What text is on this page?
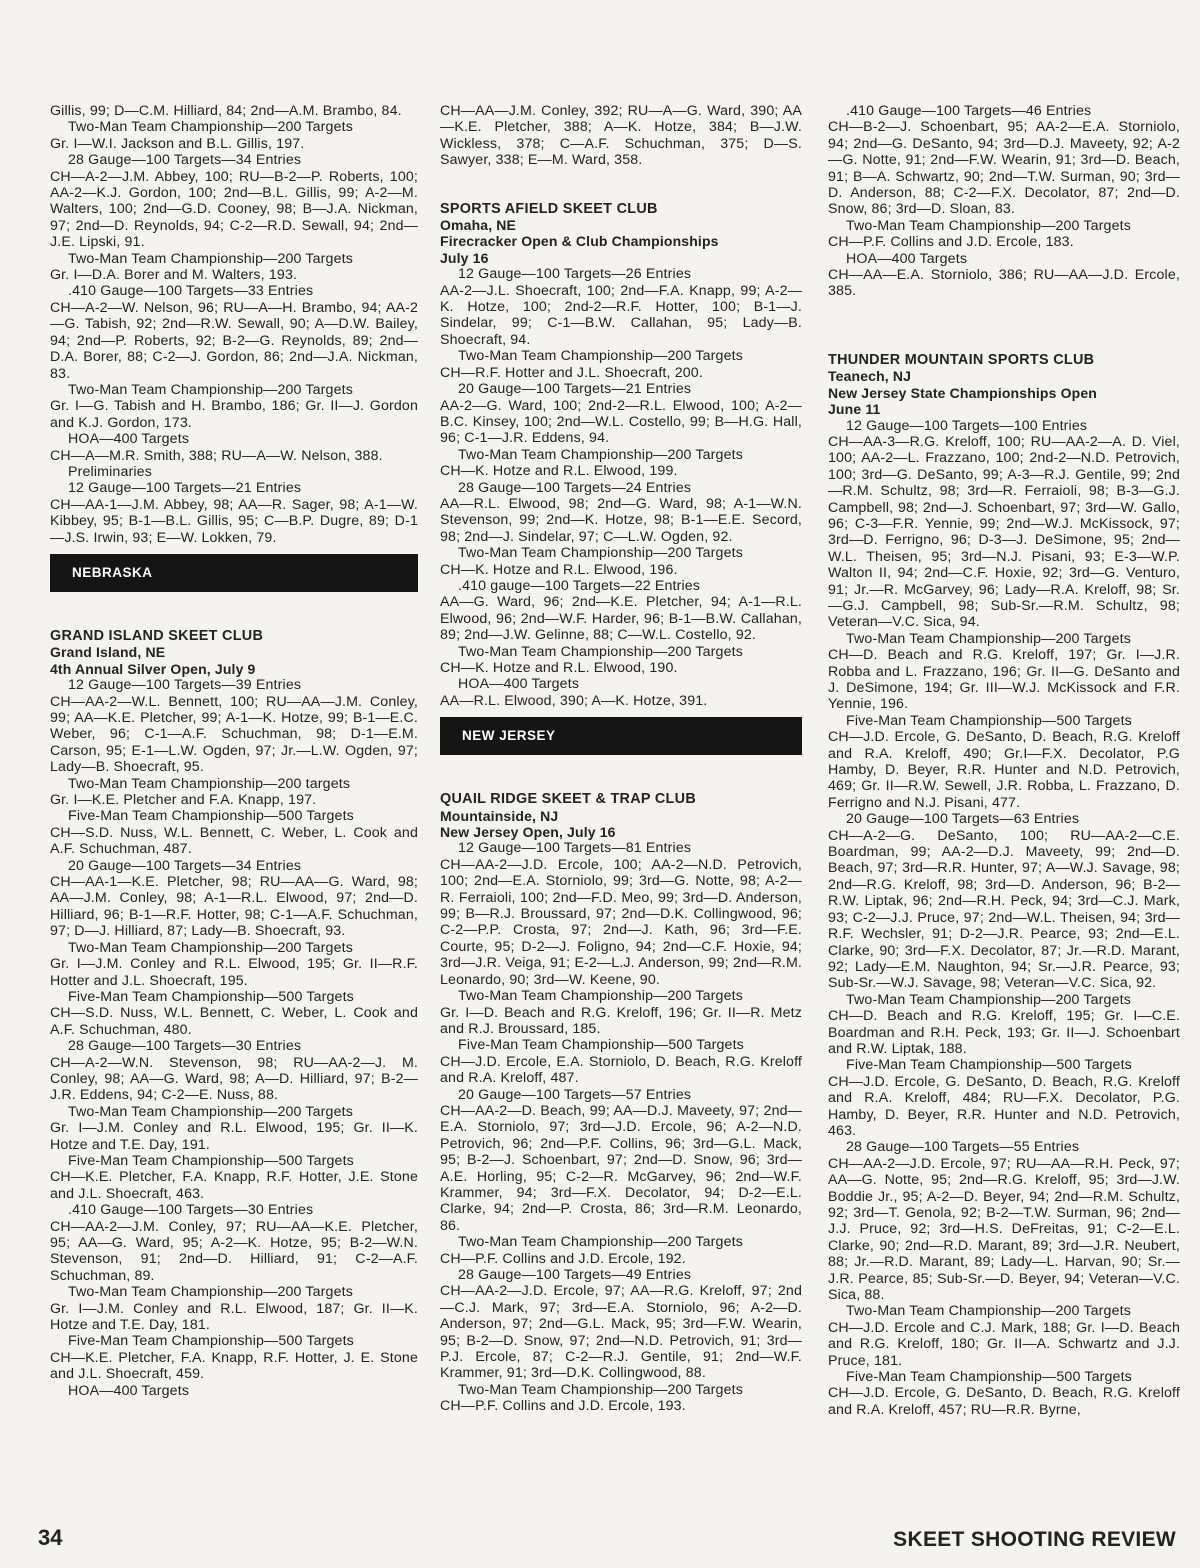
Gillis, 99; D—C.M. Hilliard, 84; 2nd—A.M. Brambo, 84.
Two-Man Team Championship—200 Targets
Gr. I—W.I. Jackson and B.L. Gillis, 197.
28 Gauge—100 Targets—34 Entries
CH—A-2—J.M. Abbey, 100; RU—B-2—P. Roberts, 100; AA-2—K.J. Gordon, 100; 2nd—B.L. Gillis, 99; A-2—M. Walters, 100; 2nd—G.D. Cooney, 98; B—J.A. Nickman, 97; 2nd—D. Reynolds, 94; C-2—R.D. Sewall, 94; 2nd—J.E. Lipski, 91.
Two-Man Team Championship—200 Targets
Gr. I—D.A. Borer and M. Walters, 193.
.410 Gauge—100 Targets—33 Entries
CH—A-2—W. Nelson, 96; RU—A—H. Brambo, 94; AA-2—G. Tabish, 92; 2nd—R.W. Sewall, 90; A—D.W. Bailey, 94; 2nd—P. Roberts, 92; B-2—G. Reynolds, 89; 2nd—D.A. Borer, 88; C-2—J. Gordon, 86; 2nd—J.A. Nickman, 83.
Two-Man Team Championship—200 Targets
Gr. I—G. Tabish and H. Brambo, 186; Gr. II—J. Gordon and K.J. Gordon, 173.
HOA—400 Targets
CH—A—M.R. Smith, 388; RU—A—W. Nelson, 388.
Preliminaries
12 Gauge—100 Targets—21 Entries
CH—AA-1—J.M. Abbey, 98; AA—R. Sager, 98; A-1—W. Kibbey, 95; B-1—B.L. Gillis, 95; C—B.P. Dugre, 89; D-1—J.S. Irwin, 93; E—W. Lokken, 79.
NEBRASKA
GRAND ISLAND SKEET CLUB
Grand Island, NE
4th Annual Silver Open, July 9
12 Gauge—100 Targets—39 Entries
CH—AA-2—W.L. Bennett, 100; RU—AA—J.M. Conley, 99; AA—K.E. Pletcher, 99; A-1—K. Hotze, 99; B-1—E.C. Weber, 96; C-1—A.F. Schuchman, 98; D-1—E.M. Carson, 95; E-1—L.W. Ogden, 97; Jr.—L.W. Ogden, 97; Lady—B. Shoecraft, 95.
Two-Man Team Championship—200 targets
Gr. I—K.E. Pletcher and F.A. Knapp, 197.
Five-Man Team Championship—500 Targets
CH—S.D. Nuss, W.L. Bennett, C. Weber, L. Cook and A.F. Schuchman, 487.
20 Gauge—100 Targets—34 Entries
CH—AA-1—K.E. Pletcher, 98; RU—AA—G. Ward, 98; AA—J.M. Conley, 98; A-1—R.L. Elwood, 97; 2nd—D. Hilliard, 96; B-1—R.F. Hotter, 98; C-1—A.F. Schuchman, 97; D—J. Hilliard, 87; Lady—B. Shoecraft, 93.
Two-Man Team Championship—200 Targets
Gr. I—J.M. Conley and R.L. Elwood, 195; Gr. II—R.F. Hotter and J.L. Shoecraft, 195.
Five-Man Team Championship—500 Targets
CH—S.D. Nuss, W.L. Bennett, C. Weber, L. Cook and A.F. Schuchman, 480.
28 Gauge—100 Targets—30 Entries
CH—A-2—W.N. Stevenson, 98; RU—AA-2—J. M. Conley, 98; AA—G. Ward, 98; A—D. Hilliard, 97; B-2—J.R. Eddens, 94; C-2—E. Nuss, 88.
Two-Man Team Championship—200 Targets
Gr. I—J.M. Conley and R.L. Elwood, 195; Gr. II—K. Hotze and T.E. Day, 191.
Five-Man Team Championship—500 Targets
CH—K.E. Pletcher, F.A. Knapp, R.F. Hotter, J.E. Stone and J.L. Shoecraft, 463.
.410 Gauge—100 Targets—30 Entries
CH—AA-2—J.M. Conley, 97; RU—AA—K.E. Pletcher, 95; AA—G. Ward, 95; A-2—K. Hotze, 95; B-2—W.N. Stevenson, 91; 2nd—D. Hilliard, 91; C-2—A.F. Schuchman, 89.
Two-Man Team Championship—200 Targets
Gr. I—J.M. Conley and R.L. Elwood, 187; Gr. II—K. Hotze and T.E. Day, 181.
Five-Man Team Championship—500 Targets
CH—K.E. Pletcher, F.A. Knapp, R.F. Hotter, J. E. Stone and J.L. Shoecraft, 459.
HOA—400 Targets
CH—AA—J.M. Conley, 392; RU—A—G. Ward, 390; AA—K.E. Pletcher, 388; A—K. Hotze, 384; B—J.W. Wickless, 378; C—A.F. Schuchman, 375; D—S. Sawyer, 338; E—M. Ward, 358.
SPORTS AFIELD SKEET CLUB
Omaha, NE
Firecracker Open & Club Championships
July 16
12 Gauge—100 Targets—26 Entries
AA-2—J.L. Shoecraft, 100; 2nd—F.A. Knapp, 99; A-2—K. Hotze, 100; 2nd-2—R.F. Hotter, 100; B-1—J. Sindelar, 99; C-1—B.W. Callahan, 95; Lady—B. Shoecraft, 94.
Two-Man Team Championship—200 Targets
CH—R.F. Hotter and J.L. Shoecraft, 200.
20 Gauge—100 Targets—21 Entries
AA-2—G. Ward, 100; 2nd-2—R.L. Elwood, 100; A-2—B.C. Kinsey, 100; 2nd—W.L. Costello, 99; B—H.G. Hall, 96; C-1—J.R. Eddens, 94.
Two-Man Team Championship—200 Targets
CH—K. Hotze and R.L. Elwood, 199.
28 Gauge—100 Targets—24 Entries
AA—R.L. Elwood, 98; 2nd—G. Ward, 98; A-1—W.N. Stevenson, 99; 2nd—K. Hotze, 98; B-1—E.E. Secord, 98; 2nd—J. Sindelar, 97; C—L.W. Ogden, 92.
Two-Man Team Championship—200 Targets
CH—K. Hotze and R.L. Elwood, 196.
.410 gauge—100 Targets—22 Entries
AA—G. Ward, 96; 2nd—K.E. Pletcher, 94; A-1—R.L. Elwood, 96; 2nd—W.F. Harder, 96; B-1—B.W. Callahan, 89; 2nd—J.W. Gelinne, 88; C—W.L. Costello, 92.
Two-Man Team Championship—200 Targets
CH—K. Hotze and R.L. Elwood, 190.
HOA—400 Targets
AA—R.L. Elwood, 390; A—K. Hotze, 391.
NEW JERSEY
QUAIL RIDGE SKEET & TRAP CLUB
Mountainside, NJ
New Jersey Open, July 16
12 Gauge—100 Targets—81 Entries
CH—AA-2—J.D. Ercole, 100; AA-2—N.D. Petrovich, 100; 2nd—E.A. Storniolo, 99; 3rd—G. Notte, 98; A-2—R. Ferraioli, 100; 2nd—F.D. Meo, 99; 3rd—D. Anderson, 99; B—R.J. Broussard, 97; 2nd—D.K. Collingwood, 96; C-2—P.P. Crosta, 97; 2nd—J. Kath, 96; 3rd—F.E. Courte, 95; D-2—J. Foligno, 94; 2nd—C.F. Hoxie, 94; 3rd—J.R. Veiga, 91; E-2—L.J. Anderson, 99; 2nd—R.M. Leonardo, 90; 3rd—W. Keene, 90.
Two-Man Team Championship—200 Targets
Gr. I—D. Beach and R.G. Kreloff, 196; Gr. II—R. Metz and R.J. Broussard, 185.
Five-Man Team Championship—500 Targets
CH—J.D. Ercole, E.A. Storniolo, D. Beach, R.G. Kreloff and R.A. Kreloff, 487.
20 Gauge—100 Targets—57 Entries
CH—AA-2—D. Beach, 99; AA—D.J. Maveety, 97; 2nd—E.A. Storniolo, 97; 3rd—J.D. Ercole, 96; A-2—N.D. Petrovich, 96; 2nd—P.F. Collins, 96; 3rd—G.L. Mack, 95; B-2—J. Schoenbart, 97; 2nd—D. Snow, 96; 3rd—A.E. Horling, 95; C-2—R. McGarvey, 96; 2nd—W.F. Krammer, 94; 3rd—F.X. Decolator, 94; D-2—E.L. Clarke, 94; 2nd—P. Crosta, 86; 3rd—R.M. Leonardo, 86.
Two-Man Team Championship—200 Targets
CH—P.F. Collins and J.D. Ercole, 192.
28 Gauge—100 Targets—49 Entries
CH—AA-2—J.D. Ercole, 97; AA—R.G. Kreloff, 97; 2nd—C.J. Mark, 97; 3rd—E.A. Storniolo, 96; A-2—D. Anderson, 97; 2nd—G.L. Mack, 95; 3rd—F.W. Wearin, 95; B-2—D. Snow, 97; 2nd—N.D. Petrovich, 91; 3rd—P.J. Ercole, 87; C-2—R.J. Gentile, 91; 2nd—W.F. Krammer, 91; 3rd—D.K. Collingwood, 88.
Two-Man Team Championship—200 Targets
CH—P.F. Collins and J.D. Ercole, 193.
.410 Gauge—100 Targets—46 Entries
CH—B-2—J. Schoenbart, 95; AA-2—E.A. Storniolo, 94; 2nd—G. DeSanto, 94; 3rd—D.J. Maveety, 92; A-2—G. Notte, 91; 2nd—F.W. Wearin, 91; 3rd—D. Beach, 91; B—A. Schwartz, 90; 2nd—T.W. Surman, 90; 3rd—D. Anderson, 88; C-2—F.X. Decolator, 87; 2nd—D. Snow, 86; 3rd—D. Sloan, 83.
Two-Man Team Championship—200 Targets
CH—P.F. Collins and J.D. Ercole, 183.
HOA—400 Targets
CH—AA—E.A. Storniolo, 386; RU—AA—J.D. Ercole, 385.
THUNDER MOUNTAIN SPORTS CLUB
Teanech, NJ
New Jersey State Championships Open
June 11
12 Gauge—100 Targets—100 Entries
CH—AA-3—R.G. Kreloff, 100; RU—AA-2—A. D. Viel, 100; AA-2—L. Frazzano, 100; 2nd-2—N.D. Petrovich, 100; 3rd—G. DeSanto, 99; A-3—R.J. Gentile, 99; 2nd—R.M. Schultz, 98; 3rd—R. Ferraioli, 98; B-3—G.J. Campbell, 98; 2nd—J. Schoenbart, 97; 3rd—W. Gallo, 96; C-3—F.R. Yennie, 99; 2nd—W.J. McKissock, 97; 3rd—D. Ferrigno, 96; D-3—J. DeSimone, 95; 2nd—W.L. Theisen, 95; 3rd—N.J. Pisani, 93; E-3—W.P. Walton II, 94; 2nd—C.F. Hoxie, 92; 3rd—G. Venturo, 91; Jr.—R. McGarvey, 96; Lady—R.A. Kreloff, 98; Sr.—G.J. Campbell, 98; Sub-Sr.—R.M. Schultz, 98; Veteran—V.C. Sica, 94.
Two-Man Team Championship—200 Targets
CH—D. Beach and R.G. Kreloff, 197; Gr. I—J.R. Robba and L. Frazzano, 196; Gr. II—G. DeSanto and J. DeSimone, 194; Gr. III—W.J. McKissock and F.R. Yennie, 196.
Five-Man Team Championship—500 Targets
CH—J.D. Ercole, G. DeSanto, D. Beach, R.G. Kreloff and R.A. Kreloff, 490; Gr.I—F.X. Decolator, P.G Hamby, D. Beyer, R.R. Hunter and N.D. Petrovich, 469; Gr. II—R.W. Sewell, J.R. Robba, L. Frazzano, D. Ferrigno and N.J. Pisani, 477.
20 Gauge—100 Targets—63 Entries
CH—A-2—G. DeSanto, 100; RU—AA-2—C.E. Boardman, 99; AA-2—D.J. Maveety, 99; 2nd—D. Beach, 97; 3rd—R.R. Hunter, 97; A—W.J. Savage, 98; 2nd—R.G. Kreloff, 98; 3rd—D. Anderson, 96; B-2—R.W. Liptak, 96; 2nd—R.H. Peck, 94; 3rd—C.J. Mark, 93; C-2—J.J. Pruce, 97; 2nd—W.L. Theisen, 94; 3rd—R.F. Wechsler, 91; D-2—J.R. Pearce, 93; 2nd—E.L. Clarke, 90; 3rd—F.X. Decolator, 87; Jr.—R.D. Marant, 92; Lady—E.M. Naughton, 94; Sr.—J.R. Pearce, 93; Sub-Sr.—W.J. Savage, 98; Veteran—V.C. Sica, 92.
Two-Man Team Championship—200 Targets
CH—D. Beach and R.G. Kreloff, 195; Gr. I—C.E. Boardman and R.H. Peck, 193; Gr. II—J. Schoenbart and R.W. Liptak, 188.
Five-Man Team Championship—500 Targets
CH—J.D. Ercole, G. DeSanto, D. Beach, R.G. Kreloff and R.A. Kreloff, 484; RU—F.X. Decolator, P.G. Hamby, D. Beyer, R.R. Hunter and N.D. Petrovich, 463.
28 Gauge—100 Targets—55 Entries
CH—AA-2—J.D. Ercole, 97; RU—AA—R.H. Peck, 97; AA—G. Notte, 95; 2nd—R.G. Kreloff, 95; 3rd—J.W. Boddie Jr., 95; A-2—D. Beyer, 94; 2nd—R.M. Schultz, 92; 3rd—T. Genola, 92; B-2—T.W. Surman, 96; 2nd—J.J. Pruce, 92; 3rd—H.S. DeFreitas, 91; C-2—E.L. Clarke, 90; 2nd—R.D. Marant, 89; 3rd—J.R. Neubert, 88; Jr.—R.D. Marant, 89; Lady—L. Harvan, 90; Sr.—J.R. Pearce, 85; Sub-Sr.—D. Beyer, 94; Veteran—V.C. Sica, 88.
Two-Man Team Championship—200 Targets
CH—J.D. Ercole and C.J. Mark, 188; Gr. I—D. Beach and R.G. Kreloff, 180; Gr. II—A. Schwartz and J.J. Pruce, 181.
Five-Man Team Championship—500 Targets
CH—J.D. Ercole, G. DeSanto, D. Beach, R.G. Kreloff and R.A. Kreloff, 457; RU—R.R. Byrne,
34	SKEET SHOOTING REVIEW
